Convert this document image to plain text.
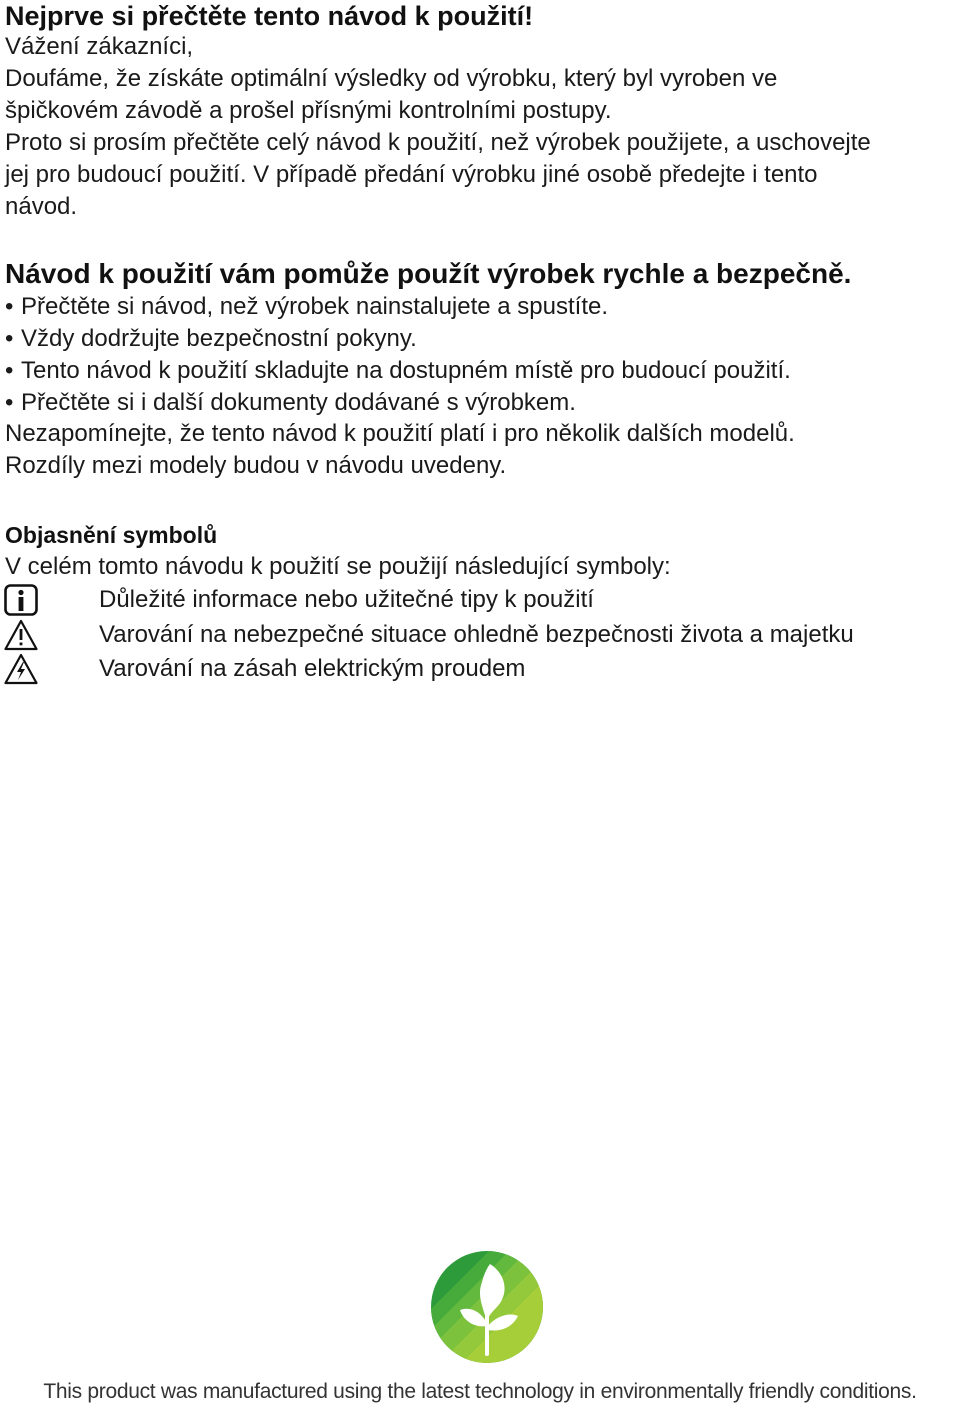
Nejprve si přečtěte tento návod k použití!

Vážení zákazníci,

Doufáme, že získáte optimální výsledky od výrobku, který byl vyroben ve

špičkovém závodě a prošel přísnými kontrolními postupy.

Proto si prosím přečtěte celý návod k použití, než výrobek použijete, a uschovejte

jej pro budoucí použití. V případě předání výrobku jiné osobě předejte i tento

návod.

Návod k použití vám pomůže použít výrobek rychle a bezpečně.
• Přečtěte si návod, než výrobek nainstalujete a spustíte.
• Vždy dodržujte bezpečnostní pokyny.
• Tento návod k použití skladujte na dostupném místě pro budoucí použití.
• Přečtěte si i další dokumenty dodávané s výrobkem.

Nezapomínejte, že tento návod k použití platí i pro několik dalších modelů.

Rozdíly mezi modely budou v návodu uvedeny.

Objasnění symbolů

V celém tomto návodu k použití se použijí následující symboly:

Důležité informace nebo užitečné tipy k použití
Varování na nebezpečné situace ohledně bezpečnosti života a majetku
Varování na zásah elektrickým proudem
This product was manufactured using the latest technology in environmentally friendly conditions.
